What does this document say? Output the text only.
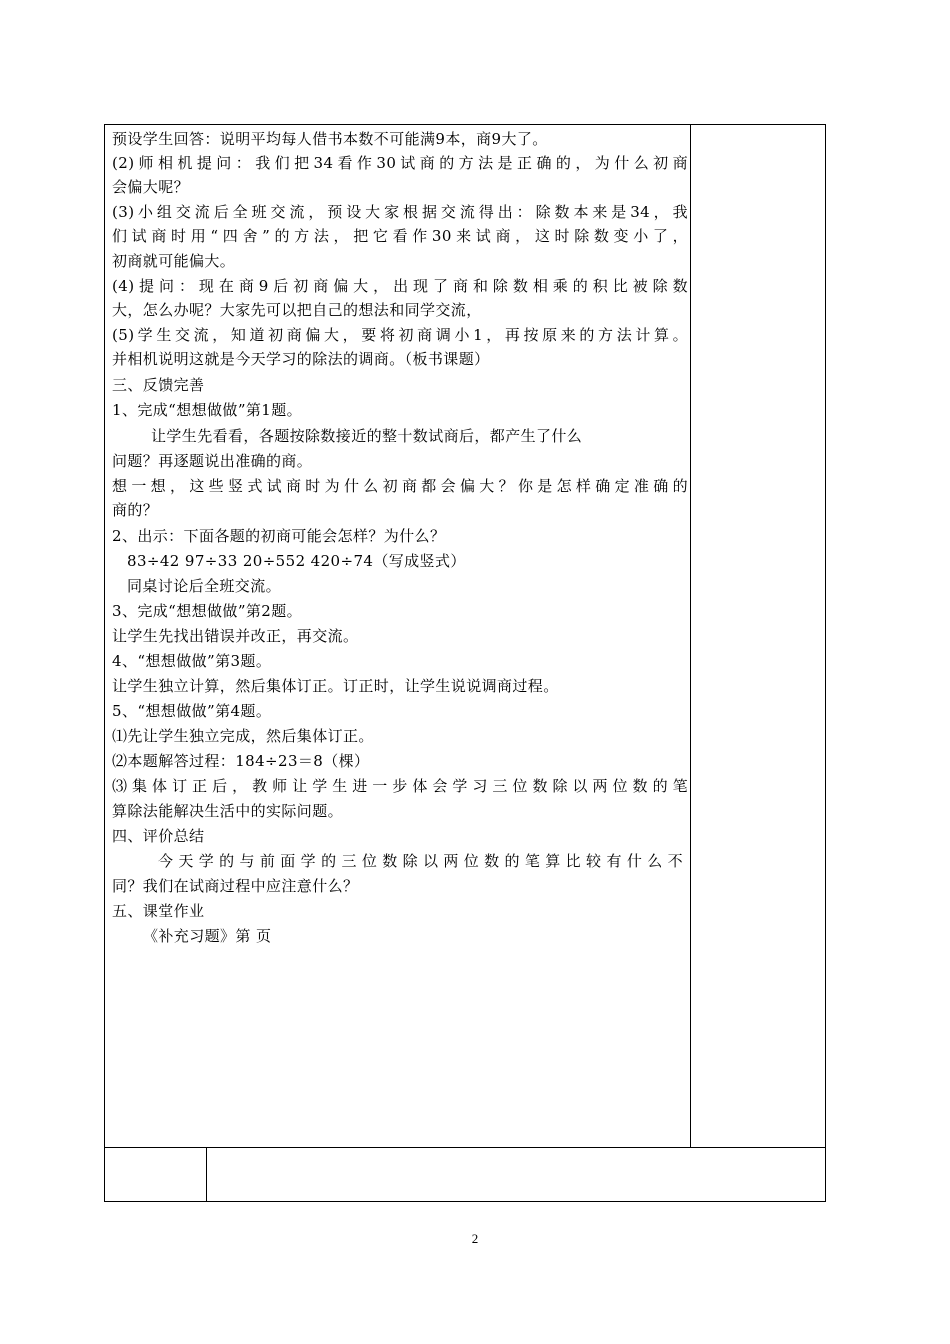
预设学生回答：说明平均每人借书本数不可能满9本，商9大了。
(2)师相机提问：我们把34看作30试商的方法是正确的，为什么初商
会偏大呢？
(3)小组交流后全班交流，预设大家根据交流得出：除数本来是34，我
们试商时用“四舍”的方法，把它看作30来试商，这时除数变小了，
初商就可能偏大。
(4)提问：现在商9后初商偏大，出现了商和除数相乘的积比被除数
大，怎么办呢？大家先可以把自己的想法和同学交流，
(5)学生交流，知道初商偏大，要将初商调小1，再按原来的方法计算。
并相机说明这就是今天学习的除法的调商。（板书课题）
三、反馈完善
1、完成“想想做做”第1题。
让学生先看看，各题按除数接近的整十数试商后，都产生了什么
问题？再逐题说出准确的商。
想一想，这些竖式试商时为什么初商都会偏大？你是怎样确定准确的
商的？
2、出示：下面各题的初商可能会怎样？为什么？
83÷42 97÷33 20÷552 420÷74（写成竖式）
同桌讨论后全班交流。
3、完成“想想做做”第2题。
让学生先找出错误并改正，再交流。
4、“想想做做”第3题。
让学生独立计算，然后集体订正。订正时，让学生说说调商过程。
5、“想想做做”第4题。
⑴先让学生独立完成，然后集体订正。
⑵本题解答过程：184÷23＝8（棵）
⑶集体订正后，教师让学生进一步体会学习三位数除以两位数的笔
算除法能解决生活中的实际问题。
四、评价总结
今天学的与前面学的三位数除以两位数的笔算比较有什么不
同？我们在试商过程中应注意什么？
五、课堂作业
《补充习题》第 页
2
